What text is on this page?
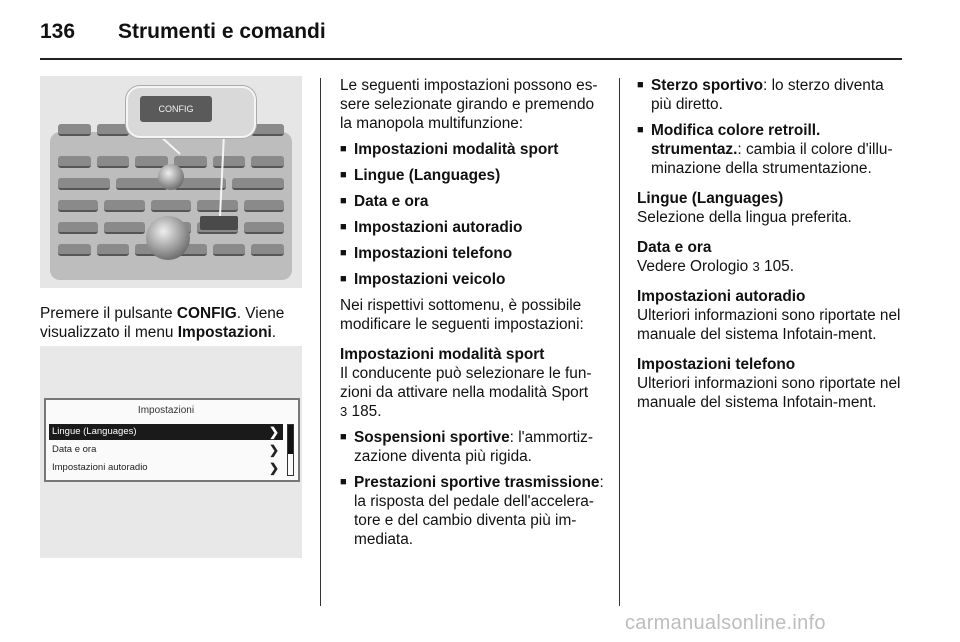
136 Strumenti e comandi
CONFIG

Premere il pulsante CONFIG. Viene
visualizzato il menu Impostazioni.

Impostazioni
Lingue (Languages)	❯
Data e ora	❯
Impostazioni autoradio	❯

Le seguenti impostazioni possono es-sere selezionate girando e premendo la manopola multifunzione:

■ Impostazioni modalità sport
■ Lingue (Languages)
■ Data e ora
■ Impostazioni autoradio
■ Impostazioni telefono
■ Impostazioni veicolo

Nei rispettivi sottomenu, è possibile modificare le seguenti impostazioni:

Impostazioni modalità sport
Il conducente può selezionare le fun-zioni da attivare nella modalità Sport
3 185.

■ Sospensioni sportive: l'ammortiz-zazione diventa più rigida.
■ Prestazioni sportive trasmissione: la risposta del pedale dell'accelera-tore e del cambio diventa più im-mediata.
■ Sterzo sportivo: lo sterzo diventa più diretto.
■ Modifica colore retroill. strumentaz.: cambia il colore d'illu-minazione della strumentazione.

Lingue (Languages)
Selezione della lingua preferita.

Data e ora
Vedere Orologio 3 105.

Impostazioni autoradio
Ulteriori informazioni sono riportate nel manuale del sistema Infotain-ment.

Impostazioni telefono
Ulteriori informazioni sono riportate nel manuale del sistema Infotain-ment.

carmanualsonline.info
